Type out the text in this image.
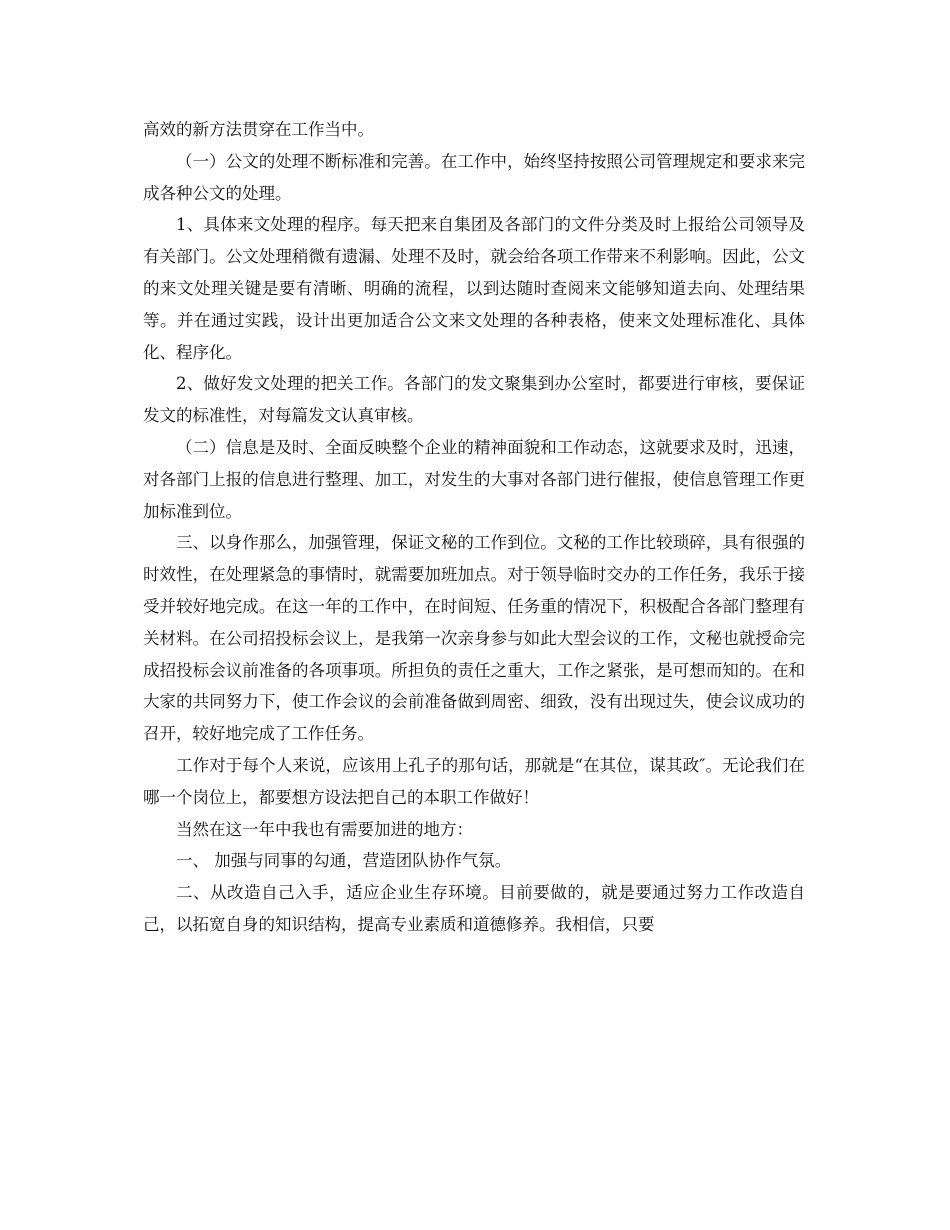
高效的新方法贯穿在工作当中。

（一）公文的处理不断标准和完善。在工作中，始终坚持按照公司管理规定和要求来完成各种公文的处理。

1、具体来文处理的程序。每天把来自集团及各部门的文件分类及时上报给公司领导及有关部门。公文处理稍微有遗漏、处理不及时，就会给各项工作带来不利影响。因此，公文的来文处理关键是要有清晰、明确的流程，以到达随时查阅来文能够知道去向、处理结果等。并在通过实践，设计出更加适合公文来文处理的各种表格，使来文处理标准化、具体化、程序化。

2、做好发文处理的把关工作。各部门的发文聚集到办公室时，都要进行审核，要保证发文的标准性，对每篇发文认真审核。

（二）信息是及时、全面反映整个企业的精神面貌和工作动态，这就要求及时，迅速，对各部门上报的信息进行整理、加工，对发生的大事对各部门进行催报，使信息管理工作更加标准到位。

三、以身作那么，加强管理，保证文秘的工作到位。文秘的工作比较琐碎，具有很强的时效性，在处理紧急的事情时，就需要加班加点。对于领导临时交办的工作任务，我乐于接受并较好地完成。在这一年的工作中，在时间短、任务重的情况下，积极配合各部门整理有关材料。在公司招投标会议上，是我第一次亲身参与如此大型会议的工作，文秘也就授命完成招投标会议前准备的各项事项。所担负的责任之重大，工作之紧张，是可想而知的。在和大家的共同努力下，使工作会议的会前准备做到周密、细致，没有出现过失，使会议成功的召开，较好地完成了工作任务。

工作对于每个人来说，应该用上孔子的那句话，那就是“在其位，谋其政″。无论我们在哪一个岗位上，都要想方设法把自己的本职工作做好！

当然在这一年中我也有需要加进的地方：

一、 加强与同事的勾通，营造团队协作气氛。

二、从改造自己入手，适应企业生存环境。目前要做的，就是要通过努力工作改造自己，以拓宽自身的知识结构，提高专业素质和道德修养。我相信，只要
